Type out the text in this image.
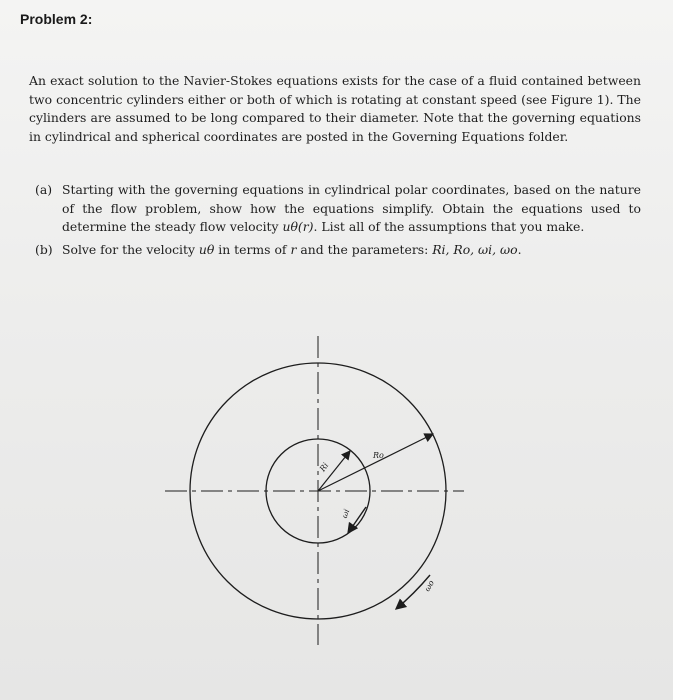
Problem 2:

An exact solution to the Navier-Stokes equations exists for the case of a fluid contained between two concentric cylinders either or both of which is rotating at constant speed (see Figure 1). The cylinders are assumed to be long compared to their diameter. Note that the governing equations in cylindrical and spherical coordinates are posted in the Governing Equations folder.

(a) Starting with the governing equations in cylindrical polar coordinates, based on the nature of the flow problem, show how the equations simplify. Obtain the equations used to determine the steady flow velocity uθ(r). List all of the assumptions that you make.
(b) Solve for the velocity uθ in terms of r and the parameters: Ri, Ro, ωi, ωo.
Ri
Ro
ωi
ωo
